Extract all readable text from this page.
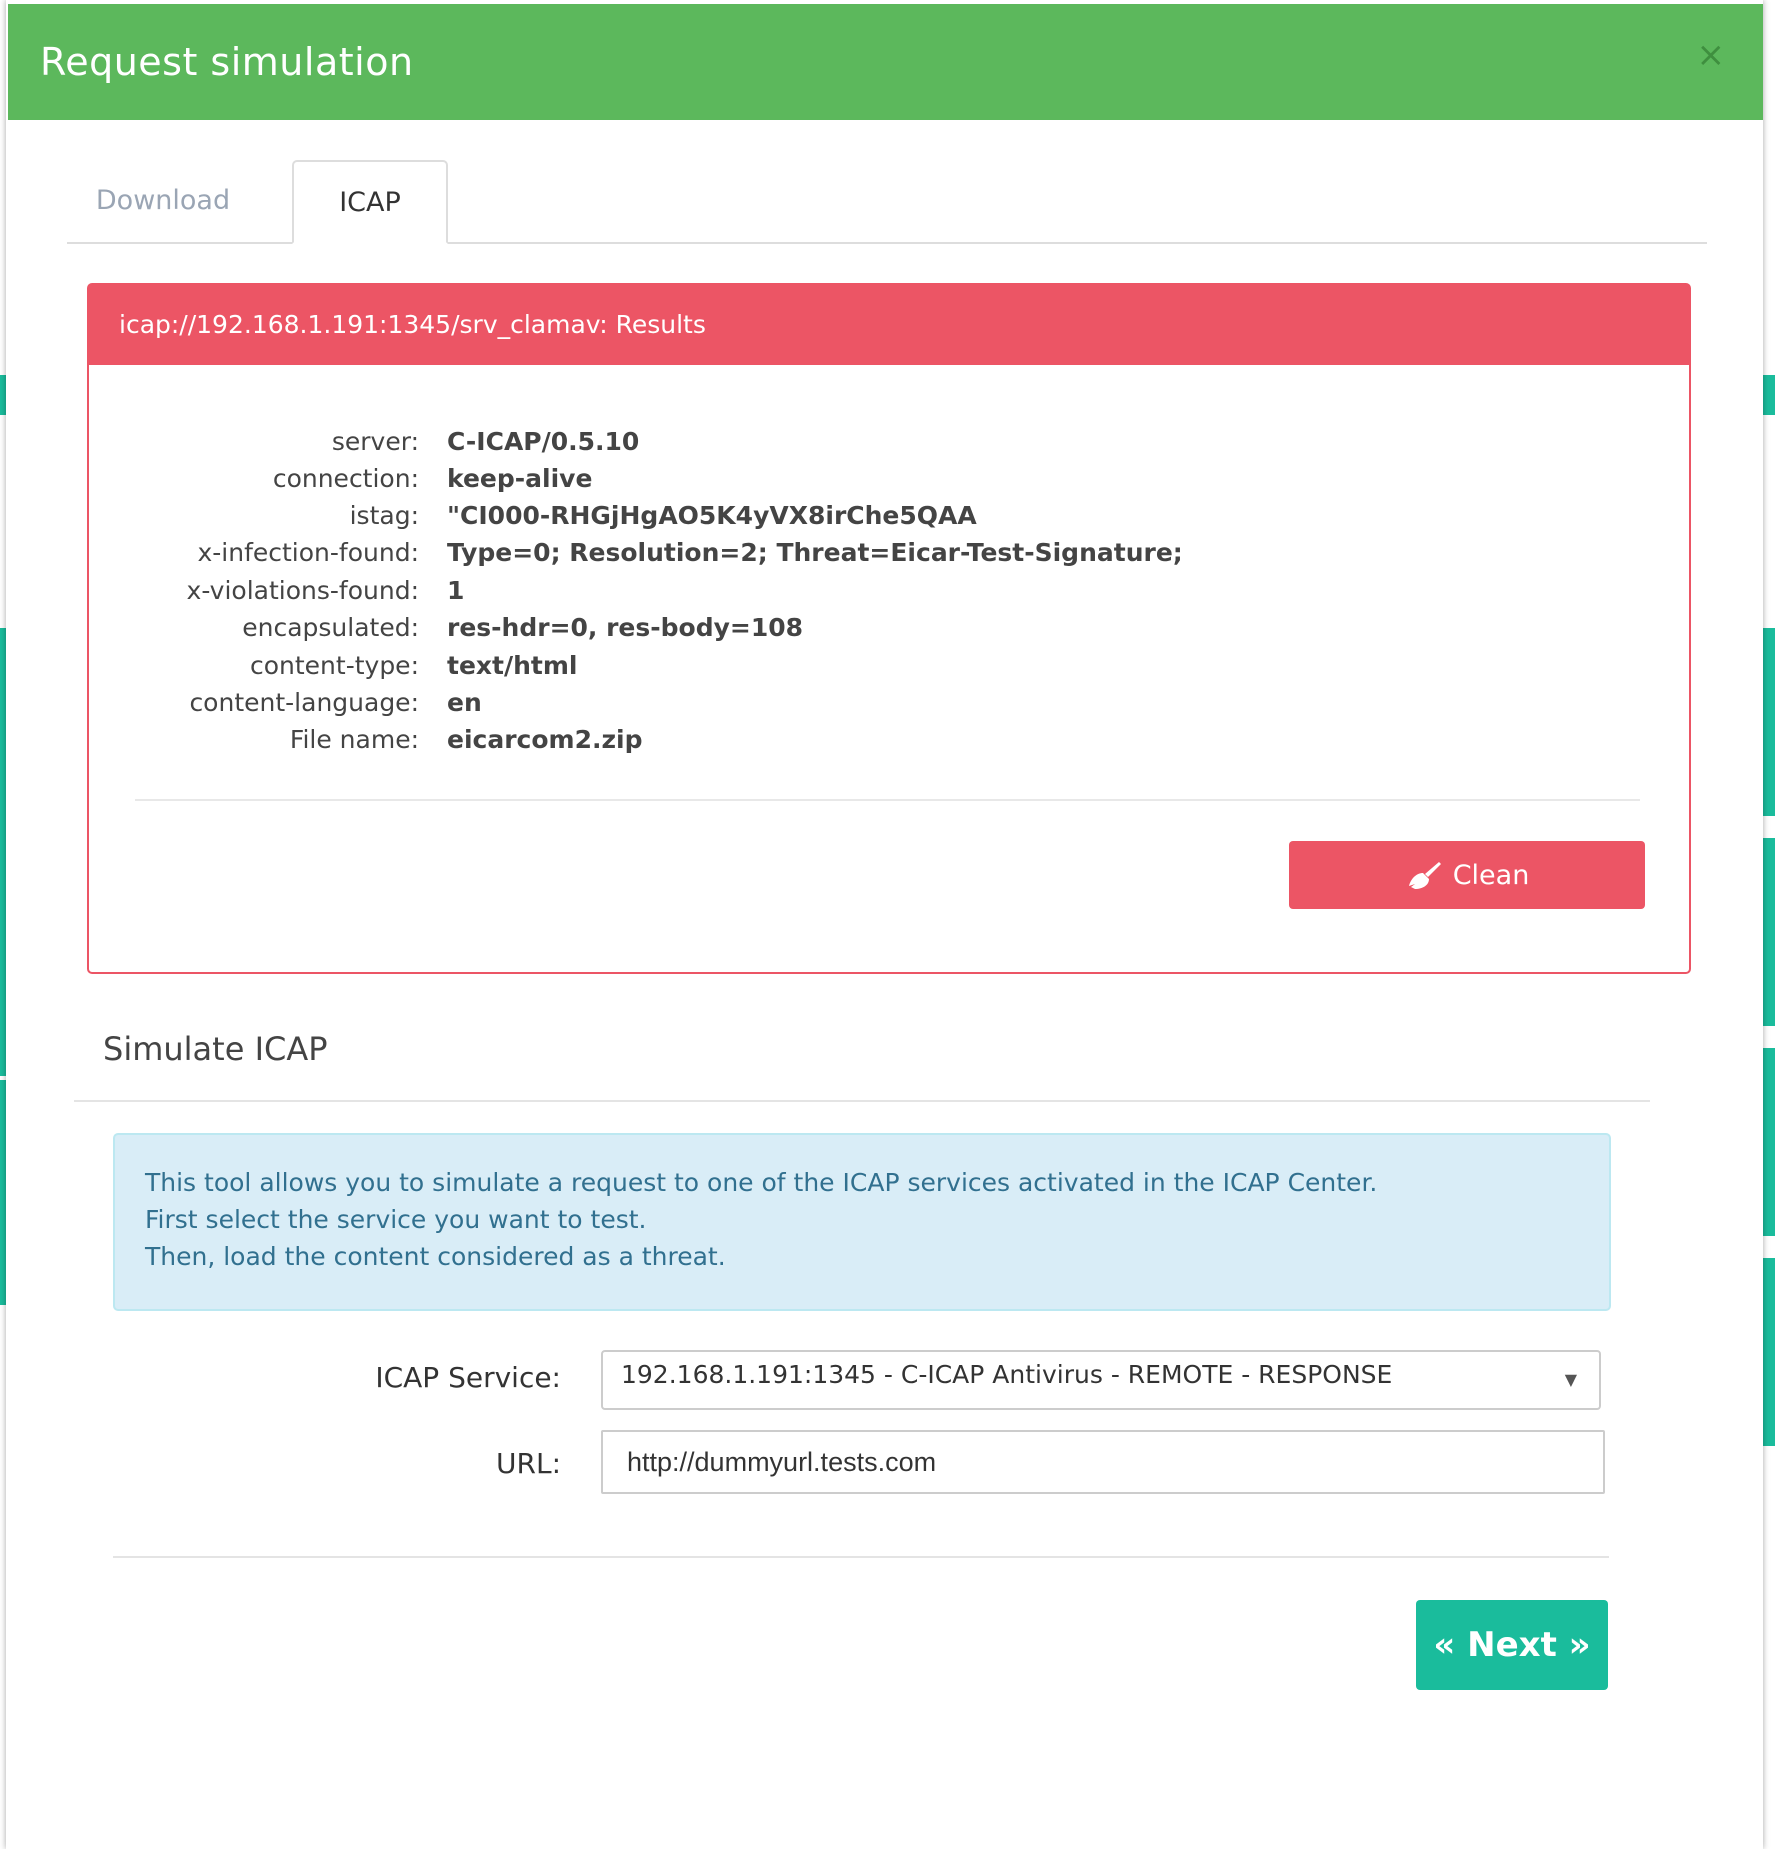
Request simulation	×
Download	ICAP
icap://192.168.1.191:1345/srv_clamav: Results
server: C-ICAP/0.5.10
connection: keep-alive
istag: "CI000-RHGjHgAO5K4yVX8irChe5QAA
x-infection-found: Type=0; Resolution=2; Threat=Eicar-Test-Signature;
x-violations-found: 1
encapsulated: res-hdr=0, res-body=108
content-type: text/html
content-language: en
File name: eicarcom2.zip
Clean
Simulate ICAP
This tool allows you to simulate a request to one of the ICAP services activated in the ICAP Center.
First select the service you want to test.
Then, load the content considered as a threat.
ICAP Service: 192.168.1.191:1345 - C-ICAP Antivirus - REMOTE - RESPONSE	▼
URL:
http://dummyurl.tests.com
« Next »
